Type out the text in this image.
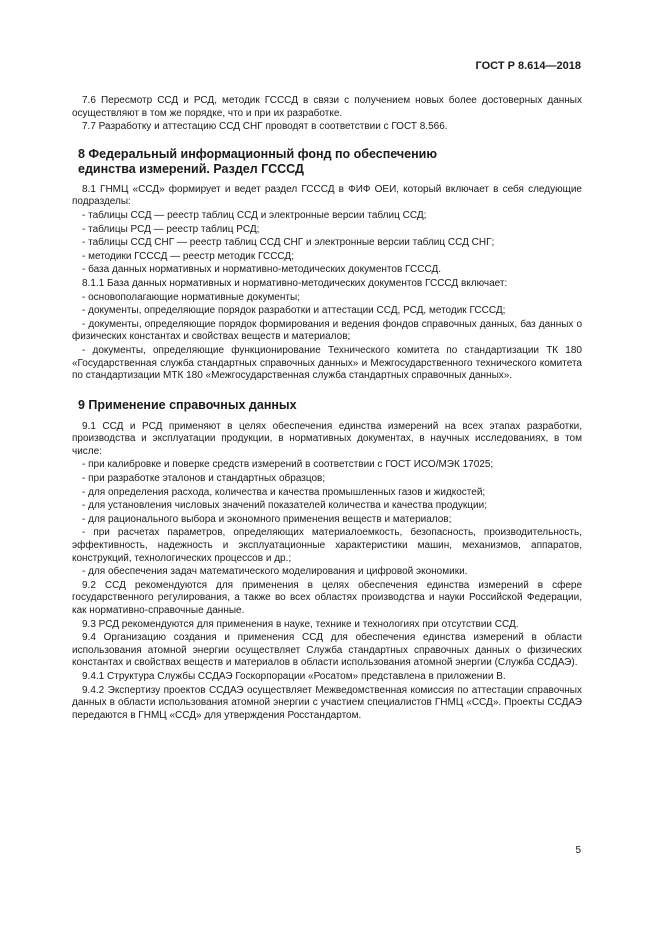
ГОСТ Р 8.614—2018

7.6 Пересмотр ССД и РСД, методик ГСССД в связи с получением новых более достоверных данных осуществляют в том же порядке, что и при их разработке.

7.7 Разработку и аттестацию ССД СНГ проводят в соответствии с ГОСТ 8.566.

8 Федеральный информационный фонд по обеспечению
единства измерений. Раздел ГСССД

8.1 ГНМЦ «ССД» формирует и ведет раздел ГСССД в ФИФ ОЕИ, который включает в себя следующие подразделы:

- таблицы ССД — реестр таблиц ССД и электронные версии таблиц ССД;

- таблицы РСД — реестр таблиц РСД;

- таблицы ССД СНГ — реестр таблиц ССД СНГ и электронные версии таблиц ССД СНГ;

- методики ГСССД — реестр методик ГСССД;

- база данных нормативных и нормативно-методических документов ГСССД.

8.1.1 База данных нормативных и нормативно-методических документов ГСССД включает:

- основополагающие нормативные документы;

- документы, определяющие порядок разработки и аттестации ССД, РСД, методик ГСССД;

- документы, определяющие порядок формирования и ведения фондов справочных данных, баз данных о физических константах и свойствах веществ и материалов;

- документы, определяющие функционирование Технического комитета по стандартизации ТК 180 «Государственная служба стандартных справочных данных» и Межгосударственного технического комитета по стандартизации МТК 180 «Межгосударственная служба стандартных справочных данных».

9 Применение справочных данных

9.1 ССД и РСД применяют в целях обеспечения единства измерений на всех этапах разработки, производства и эксплуатации продукции, в нормативных документах, в научных исследованиях, в том числе:

- при калибровке и поверке средств измерений в соответствии с ГОСТ ИСО/МЭК 17025;

- при разработке эталонов и стандартных образцов;

- для определения расхода, количества и качества промышленных газов и жидкостей;

- для установления числовых значений показателей количества и качества продукции;

- для рационального выбора и экономного применения веществ и материалов;

- при расчетах параметров, определяющих материалоемкость, безопасность, производительность, эффективность, надежность и эксплуатационные характеристики машин, механизмов, аппаратов, конструкций, технологических процессов и др.;

- для обеспечения задач математического моделирования и цифровой экономики.

9.2 ССД рекомендуются для применения в целях обеспечения единства измерений в сфере государственного регулирования, а также во всех областях производства и науки Российской Федерации, как нормативно-справочные данные.

9.3 РСД рекомендуются для применения в науке, технике и технологиях при отсутствии ССД.

9.4 Организацию создания и применения ССД для обеспечения единства измерений в области использования атомной энергии осуществляет Служба стандартных справочных данных о физических константах и свойствах веществ и материалов в области использования атомной энергии (Служба ССДАЭ).

9.4.1 Структура Службы ССДАЭ Госкорпорации «Росатом» представлена в приложении В.

9.4.2 Экспертизу проектов ССДАЭ осуществляет Межведомственная комиссия по аттестации справочных данных в области использования атомной энергии с участием специалистов ГНМЦ «ССД». Проекты ССДАЭ передаются в ГНМЦ «ССД» для утверждения Росстандартом.

5
